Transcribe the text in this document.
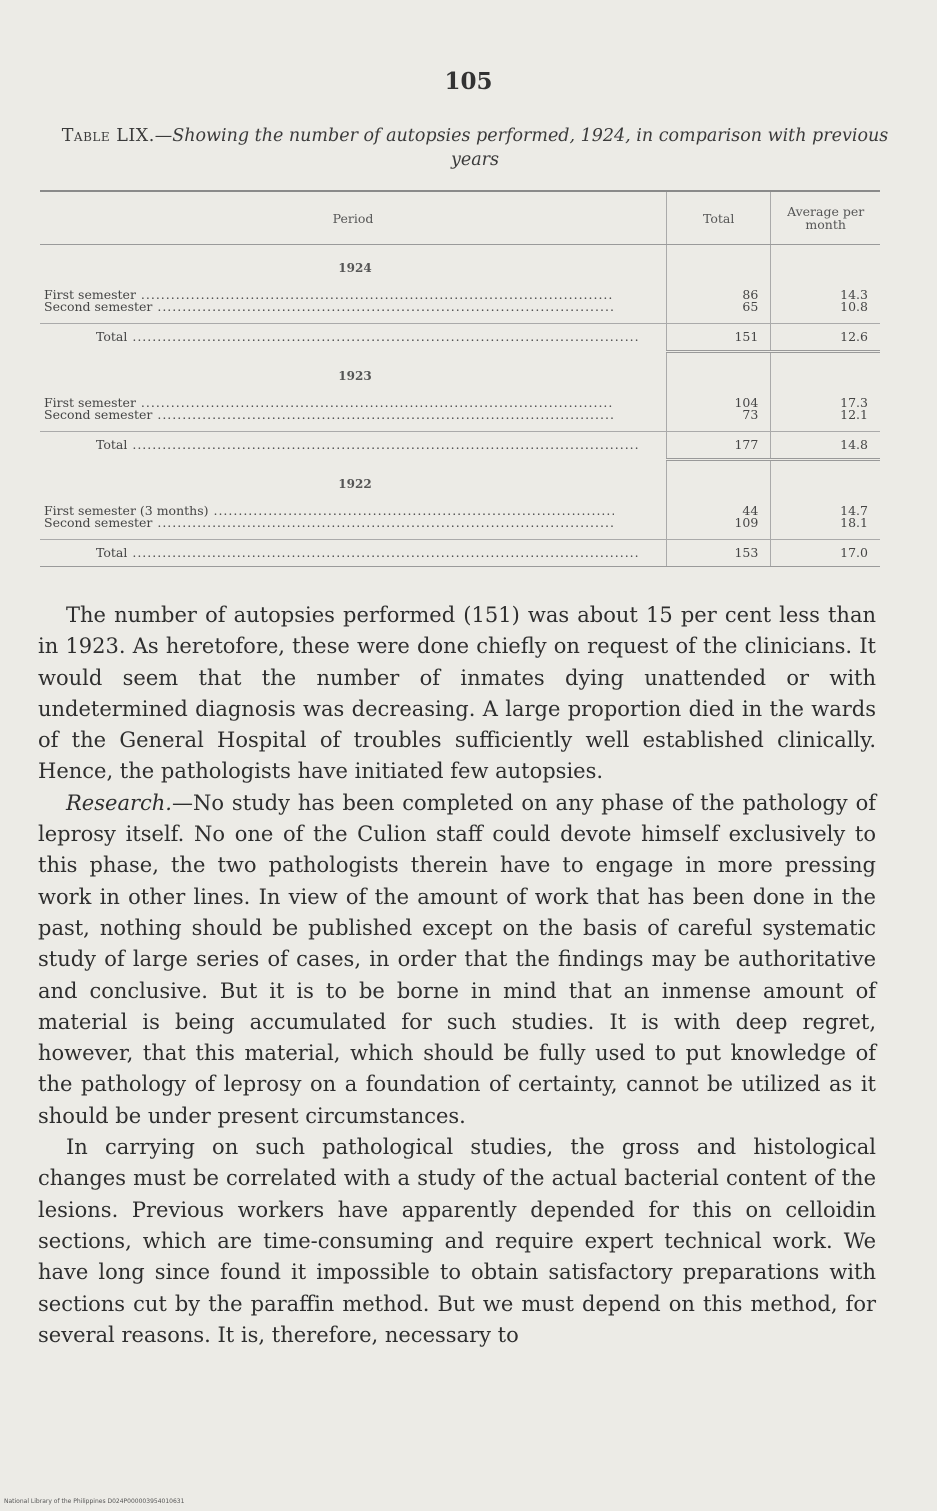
105
Table LIX.—Showing the number of autopsies performed, 1924, in comparison with previous years
Period	Total	Average per month
1924		

First semester .....	86	14.3

Second semester .....	65	10.8

Total .....	151	12.6
1923		

First semester .....	104	17.3

Second semester .....	73	12.1

Total .....	177	14.8
1922		

First semester (3 months) .....	44	14.7

Second semester .....	109	18.1

Total .....	153	17.0

The number of autopsies performed (151) was about 15 per cent less than in 1923. As heretofore, these were done chiefly on request of the clinicians. It would seem that the number of inmates dying unattended or with undetermined diagnosis was decreasing. A large proportion died in the wards of the General Hospital of troubles sufficiently well established clinically. Hence, the pathologists have initiated few autopsies.

Research.—No study has been completed on any phase of the pathology of leprosy itself. No one of the Culion staff could devote himself exclusively to this phase, the two pathologists therein have to engage in more pressing work in other lines. In view of the amount of work that has been done in the past, nothing should be published except on the basis of careful systematic study of large series of cases, in order that the findings may be authoritative and conclusive. But it is to be borne in mind that an inmense amount of material is being accumulated for such studies. It is with deep regret, however, that this material, which should be fully used to put knowledge of the pathology of leprosy on a foundation of certainty, cannot be utilized as it should be under present circumstances.

In carrying on such pathological studies, the gross and histological changes must be correlated with a study of the actual bacterial content of the lesions. Previous workers have apparently depended for this on celloidin sections, which are time-consuming and require expert technical work. We have long since found it impossible to obtain satisfactory preparations with sections cut by the paraffin method. But we must depend on this method, for several reasons. It is, therefore, necessary to

National Library of the Philippines D024P000003954010631
